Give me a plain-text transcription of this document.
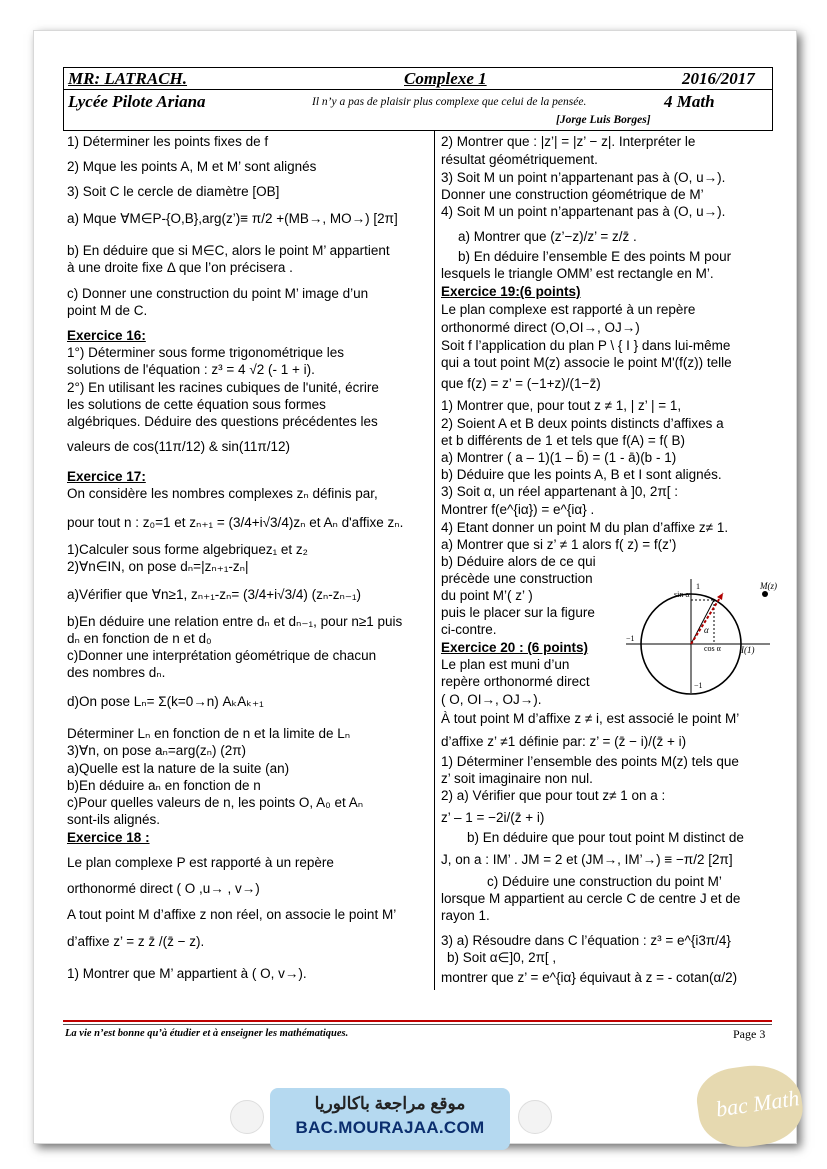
MR: LATRACH.	Complexe 1	2016/2017
Lycée Pilote Ariana	Il n’y a pas de plaisir plus complexe que celui de la pensée.	4 Math
[Jorge Luis Borges]
1) Déterminer les points fixes de f
2) Mque les points A, M et M’ sont alignés
3) Soit C le cercle de diamètre [OB]
a) Mque ∀M∈P-{O,B},arg(z’)≡ π/2 +(MB→, MO→) [2π]
b) En déduire que si M∈C, alors le point M’ appartient
à une droite fixe Δ que l’on précisera .
c) Donner une construction du point M’ image d’un
point M de C.
Exercice 16:
1°) Déterminer sous forme trigonométrique les
solutions de l'équation : z³ = 4 √2 (- 1 + i).
2°) En utilisant les racines cubiques de l'unité, écrire
les solutions de cette équation sous formes
algébriques. Déduire des questions précédentes les
valeurs de cos(11π/12) & sin(11π/12)
Exercice 17:
On considère les nombres complexes zₙ définis par,
pour tout n : z₀=1 et zₙ₊₁ = (3/4+i√3/4)zₙ et Aₙ d'affixe zₙ.
1)Calculer sous forme algebriquez₁ et z₂
2)∀n∈IN, on pose dₙ=|zₙ₊₁-zₙ|
a)Vérifier que ∀n≥1, zₙ₊₁-zₙ= (3/4+i√3/4) (zₙ-zₙ₋₁)
b)En déduire une relation entre dₙ et dₙ₋₁, pour n≥1 puis
dₙ en fonction de n et d₀
c)Donner une interprétation géométrique de chacun
des nombres dₙ.
d)On pose Lₙ= Σ(k=0→n) AₖAₖ₊₁
Déterminer Lₙ en fonction de n et la limite de Lₙ
3)∀n, on pose aₙ=arg(zₙ) (2π)
a)Quelle est la nature de la suite (an)
b)En déduire aₙ en fonction de n
c)Pour quelles valeurs de n, les points O, A₀ et Aₙ
sont-ils alignés.
Exercice 18 :
Le plan complexe P est rapporté à un repère
orthonormé direct ( O ,u→ , v→)
A tout point M d’affixe z non réel, on associe le point M’
d’affixe z’ = z z̄ /(z̄ − z).
1) Montrer que M’ appartient à ( O, v→).
2) Montrer que : |z’| = |z’ − z|. Interpréter le
résultat géométriquement.
3) Soit M un point n’appartenant pas à (O, u→).
Donner une construction géométrique de M’
4) Soit M un point n’appartenant pas à (O, u→).
a) Montrer que (z’−z)/z’ = z/z̄ .
b) En déduire l’ensemble E des points M pour
lesquels le triangle OMM’ est rectangle en M’.
Exercice 19:(6 points)
Le plan complexe est rapporté à un repère
orthonormé direct (O,OI→, OJ→)
Soit f l’application du plan P \ { I } dans lui-même
qui a tout point M(z) associe le point M'(f(z)) telle
que f(z) = z’ = (−1+z)/(1−z̄)
1) Montrer que, pour tout z ≠ 1, | z’ | = 1,
2) Soient A et B deux points distincts d’affixes a
et b différents de 1 et tels que f(A) = f( B)
a) Montrer ( a – 1)(1 – b̄) = (1 - ā)(b - 1)
b) Déduire que les points A, B et I sont alignés.
3) Soit α, un réel appartenant à ]0, 2π[ :
Montrer f(e^{iα}) = e^{iα} .
4) Etant donner un point M du plan d’affixe z≠ 1.
a) Montrer que si z’ ≠ 1 alors f( z) = f(z’)
b) Déduire alors de ce qui
précède une construction
du point M’( z’ )
puis le placer sur la figure
ci-contre.
Exercice 20 : (6 points)
Le plan est muni d’un
repère orthonormé direct
( O, OI→, OJ→).
À tout point M d’affixe z ≠ i, est associé le point M’
d’affixe z’ ≠1 définie par: z’ = (z̄ − i)/(z̄ + i)
1) Déterminer l’ensemble des points M(z) tels que
z’ soit imaginaire non nul.
2) a) Vérifier que pour tout z≠ 1 on a :
z’ – 1 = −2i/(z̄ + i)
b) En déduire que pour tout point M distinct de
J, on a : IM’ . JM = 2 et (JM→, IM’→) ≡ −π/2 [2π]
c) Déduire une construction du point M’
lorsque M appartient au cercle C de centre J et de
rayon 1.
3) a) Résoudre dans C l’équation : z³ = e^{i3π/4}
b) Soit α∈]0, 2π[ ,
montrer que z’ = e^{iα} équivaut à z = - cotan(α/2)
M(z)
sin α
cos α
α
1
−1
−1
I(1)
La vie n’est bonne qu’à étudier et à enseigner les mathématiques.	Page 3
موقع مراجعة باكالوريا
BAC.MOURAJAA.COM
bac Math
